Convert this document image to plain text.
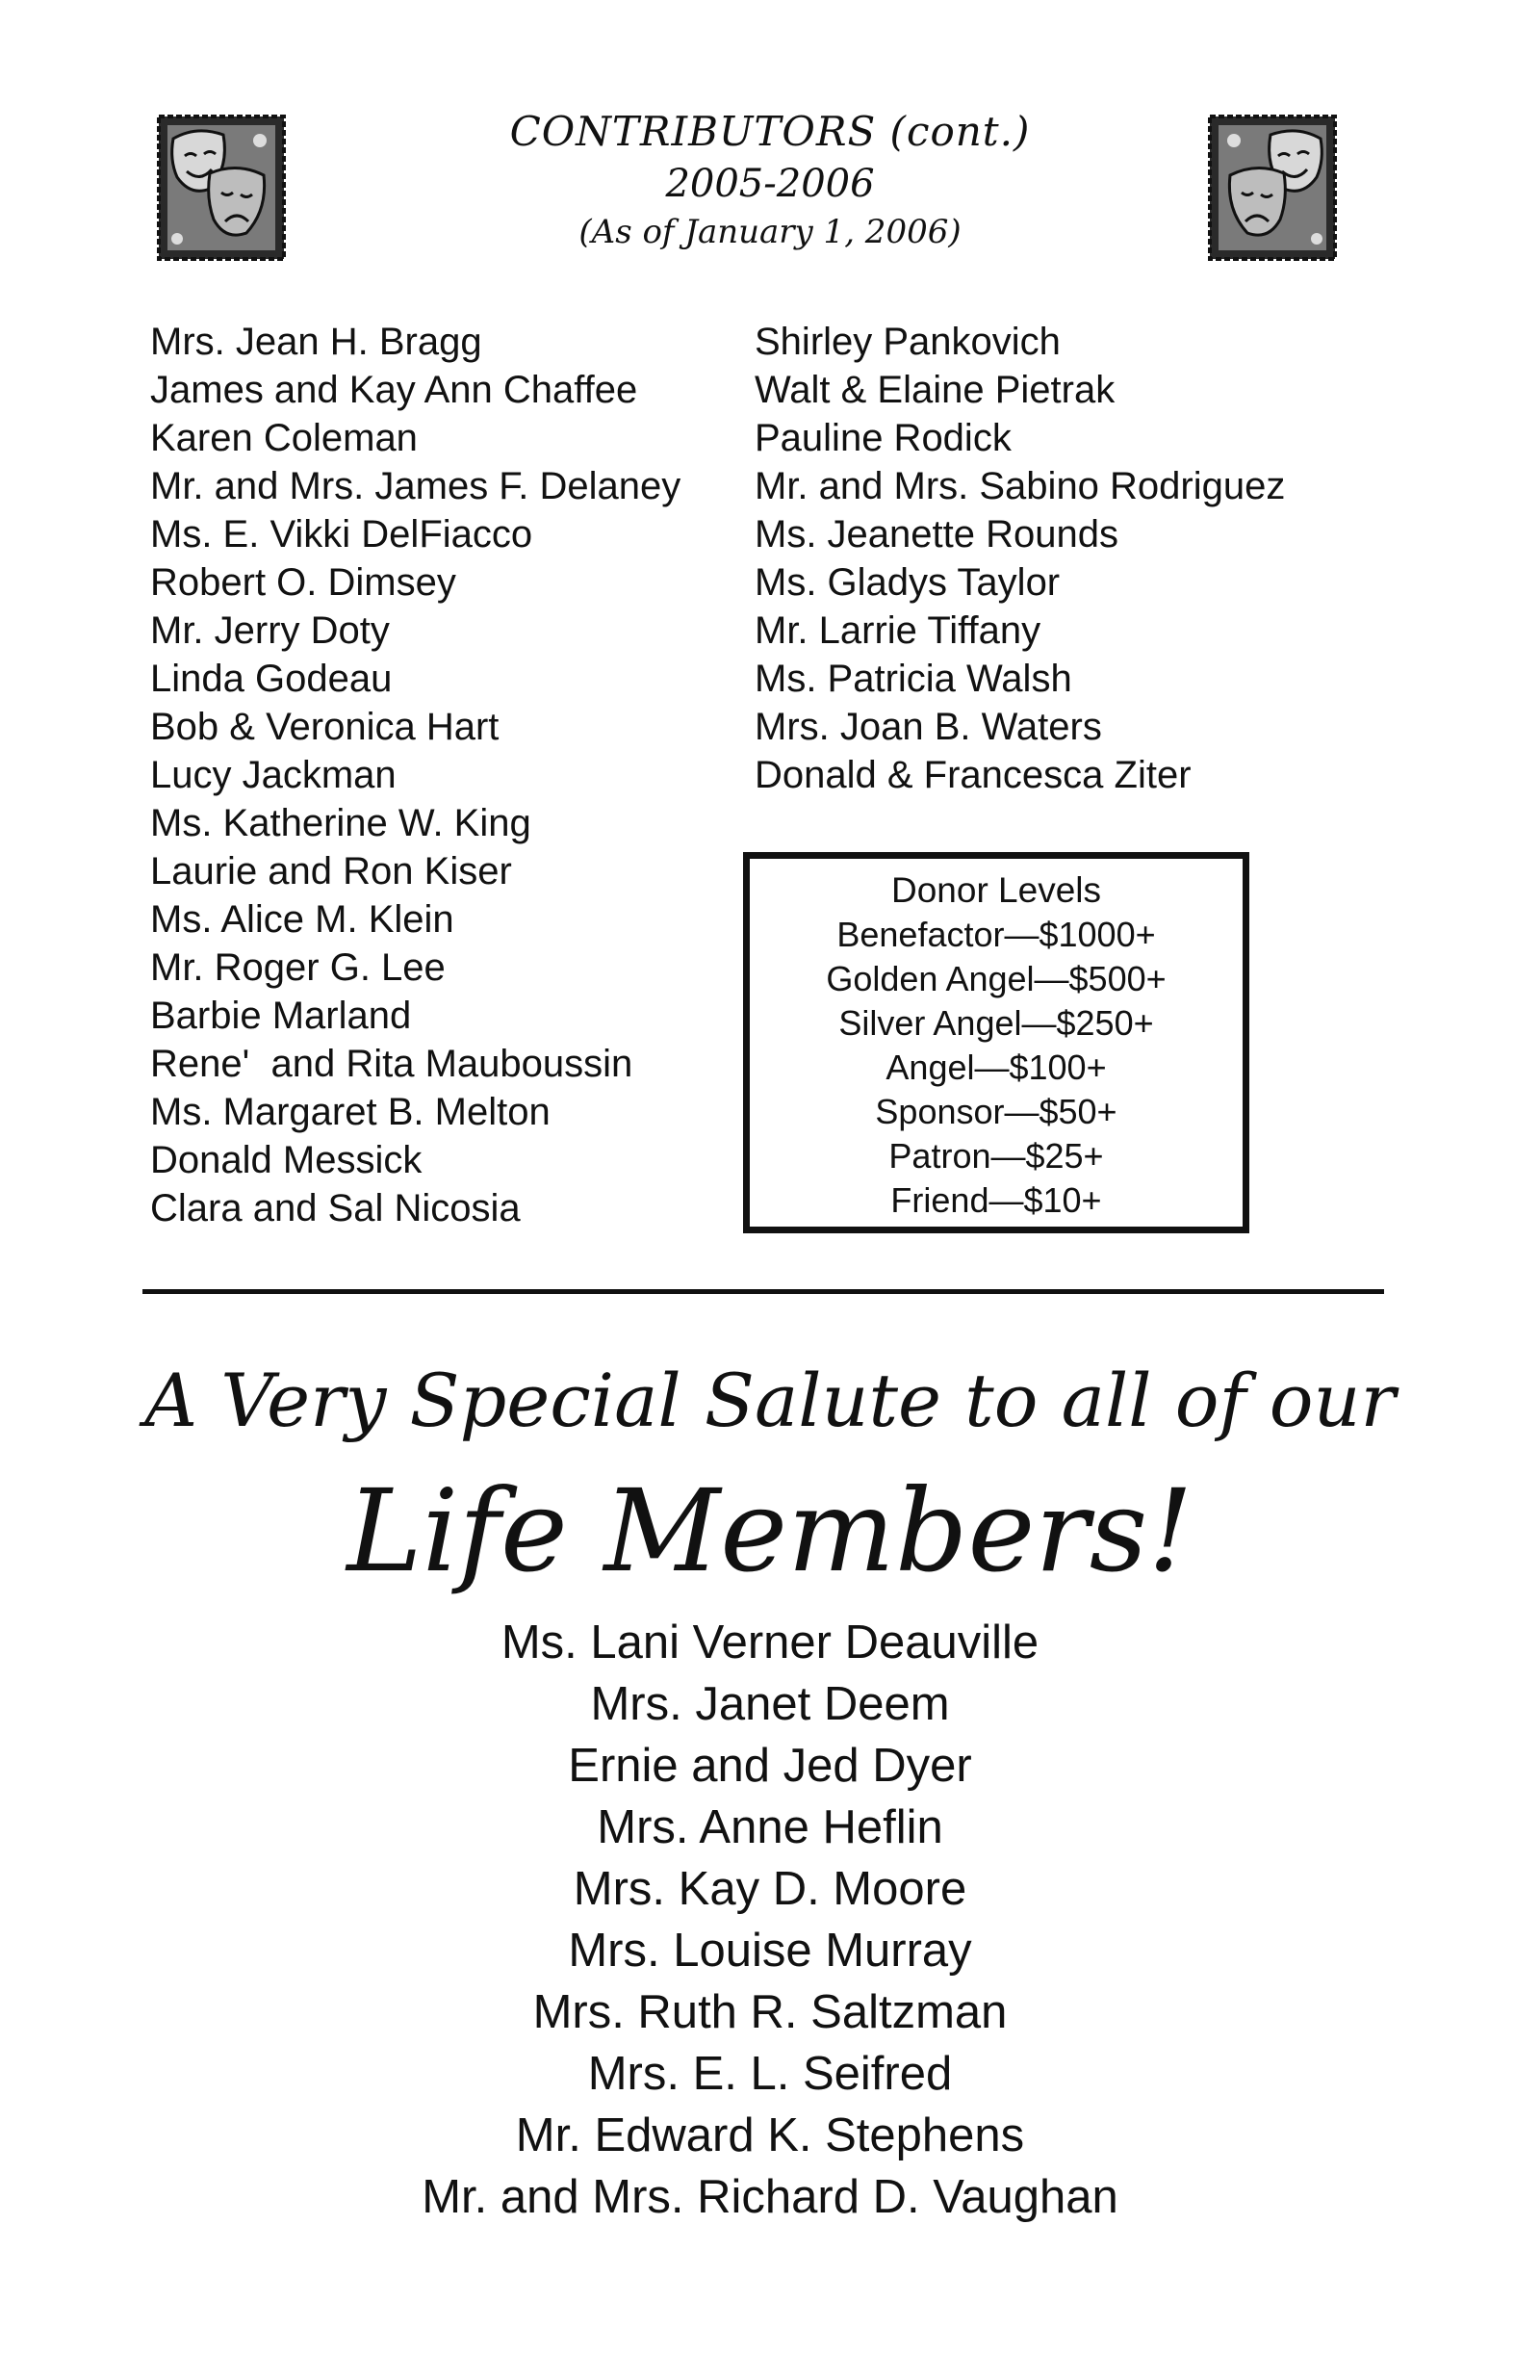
CONTRIBUTORS (cont.)
2005-2006
(As of January 1, 2006)
Mrs. Jean H. Bragg
James and Kay Ann Chaffee
Karen Coleman
Mr. and Mrs. James F. Delaney
Ms. E. Vikki DelFiacco
Robert O. Dimsey
Mr. Jerry Doty
Linda Godeau
Bob & Veronica Hart
Lucy Jackman
Ms. Katherine W. King
Laurie and Ron Kiser
Ms. Alice M. Klein
Mr. Roger G. Lee
Barbie Marland
Rene'  and Rita Mauboussin
Ms. Margaret B. Melton
Donald Messick
Clara and Sal Nicosia
Shirley Pankovich
Walt & Elaine Pietrak
Pauline Rodick
Mr. and Mrs. Sabino Rodriguez
Ms. Jeanette Rounds
Ms. Gladys Taylor
Mr. Larrie Tiffany
Ms. Patricia Walsh
Mrs. Joan B. Waters
Donald & Francesca Ziter
Donor Levels
Benefactor—$1000+
Golden Angel—$500+
Silver Angel—$250+
Angel—$100+
Sponsor—$50+
Patron—$25+
Friend—$10+
A Very Special Salute to all of our
Life Members!
Ms. Lani Verner Deauville
Mrs. Janet Deem
Ernie and Jed Dyer
Mrs. Anne Heflin
Mrs. Kay D. Moore
Mrs. Louise Murray
Mrs. Ruth R. Saltzman
Mrs. E. L. Seifred
Mr. Edward K. Stephens
Mr. and Mrs. Richard D. Vaughan
